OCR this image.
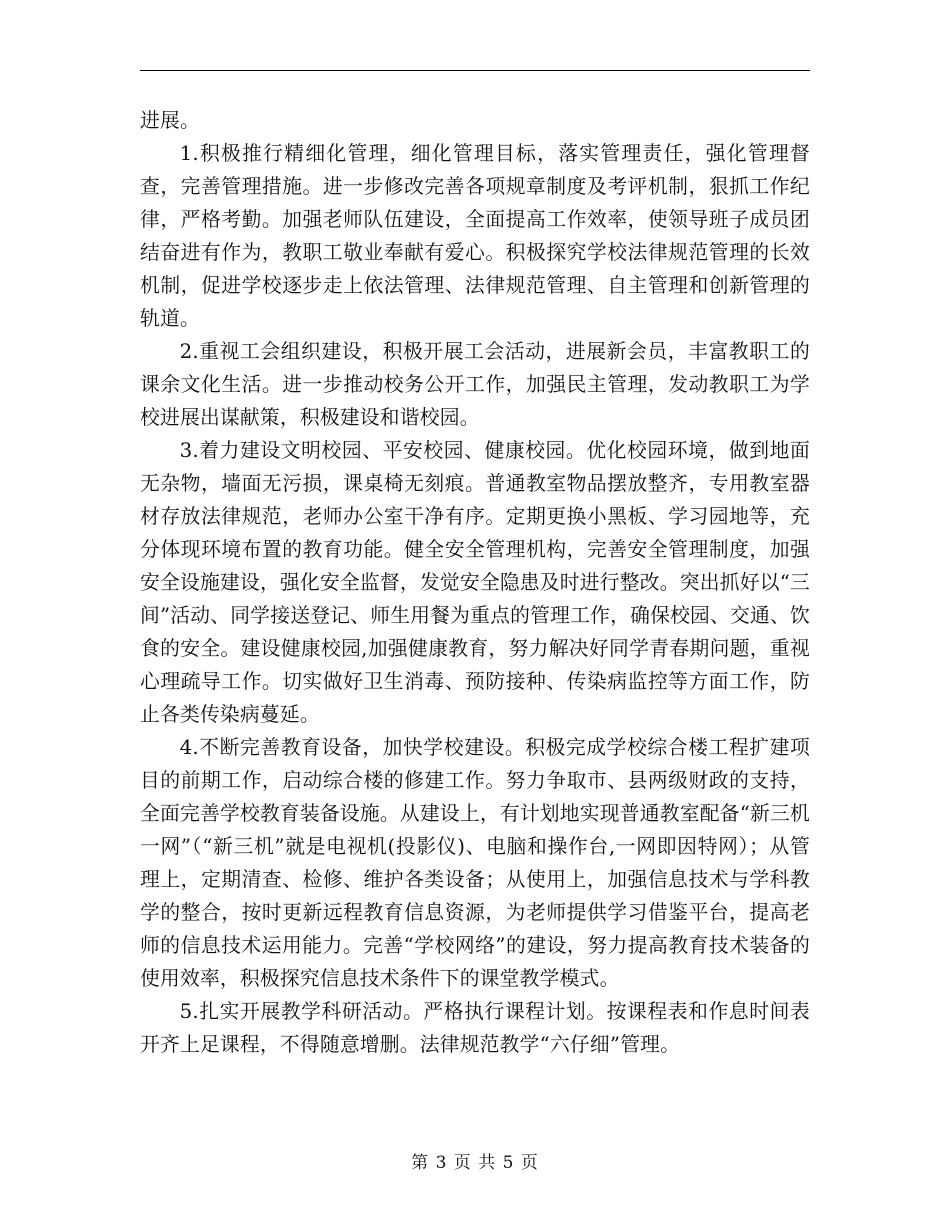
进展。

1.积极推行精细化管理，细化管理目标，落实管理责任，强化管理督查，完善管理措施。进一步修改完善各项规章制度及考评机制，狠抓工作纪律，严格考勤。加强老师队伍建设，全面提高工作效率，使领导班子成员团结奋进有作为，教职工敬业奉献有爱心。积极探究学校法律规范管理的长效机制，促进学校逐步走上依法管理、法律规范管理、自主管理和创新管理的轨道。

2.重视工会组织建设，积极开展工会活动，进展新会员，丰富教职工的课余文化生活。进一步推动校务公开工作，加强民主管理，发动教职工为学校进展出谋献策，积极建设和谐校园。

3.着力建设文明校园、平安校园、健康校园。优化校园环境，做到地面无杂物，墙面无污损，课桌椅无刻痕。普通教室物品摆放整齐，专用教室器材存放法律规范，老师办公室干净有序。定期更换小黑板、学习园地等，充分体现环境布置的教育功能。健全安全管理机构，完善安全管理制度，加强安全设施建设，强化安全监督，发觉安全隐患及时进行整改。突出抓好以“三间”活动、同学接送登记、师生用餐为重点的管理工作，确保校园、交通、饮食的安全。建设健康校园,加强健康教育，努力解决好同学青春期问题，重视心理疏导工作。切实做好卫生消毒、预防接种、传染病监控等方面工作，防止各类传染病蔓延。

4.不断完善教育设备，加快学校建设。积极完成学校综合楼工程扩建项目的前期工作，启动综合楼的修建工作。努力争取市、县两级财政的支持，全面完善学校教育装备设施。从建设上，有计划地实现普通教室配备“新三机一网”（“新三机”就是电视机(投影仪)、电脑和操作台,一网即因特网）；从管理上，定期清查、检修、维护各类设备；从使用上，加强信息技术与学科教学的整合，按时更新远程教育信息资源，为老师提供学习借鉴平台，提高老师的信息技术运用能力。完善“学校网络”的建设，努力提高教育技术装备的使用效率，积极探究信息技术条件下的课堂教学模式。

5.扎实开展教学科研活动。严格执行课程计划。按课程表和作息时间表开齐上足课程，不得随意增删。法律规范教学“六仔细”管理。

第 3 页 共 5 页
